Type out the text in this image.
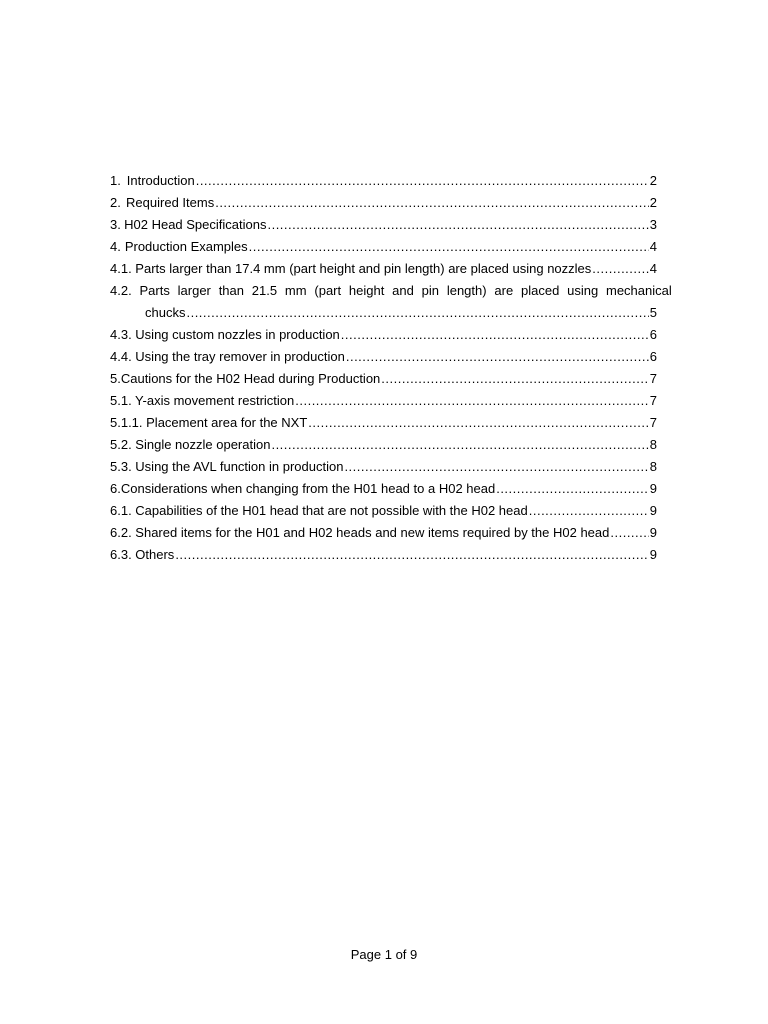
1. Introduction .....	2
2. Required Items .....	2
3. H02 Head Specifications .....	3
4. Production Examples .....	4
4.1. Parts larger than 17.4 mm (part height and pin length) are placed using nozzles .....	4
4.2. Parts larger than 21.5 mm (part height and pin length) are placed using mechanical
chucks .....	5
4.3. Using custom nozzles in production .....	6
4.4. Using the tray remover in production .....	6
5. Cautions for the H02 Head during Production .....	7
5.1. Y-axis movement restriction .....	7
5.1.1. Placement area for the NXT .....	7
5.2. Single nozzle operation .....	8
5.3. Using the AVL function in production .....	8
6. Considerations when changing from the H01 head to a H02 head .....	9
6.1. Capabilities of the H01 head that are not possible with the H02 head .....	9
6.2. Shared items for the H01 and H02 heads and new items required by the H02 head .....	9
6.3. Others .....	9
Page 1 of 9
